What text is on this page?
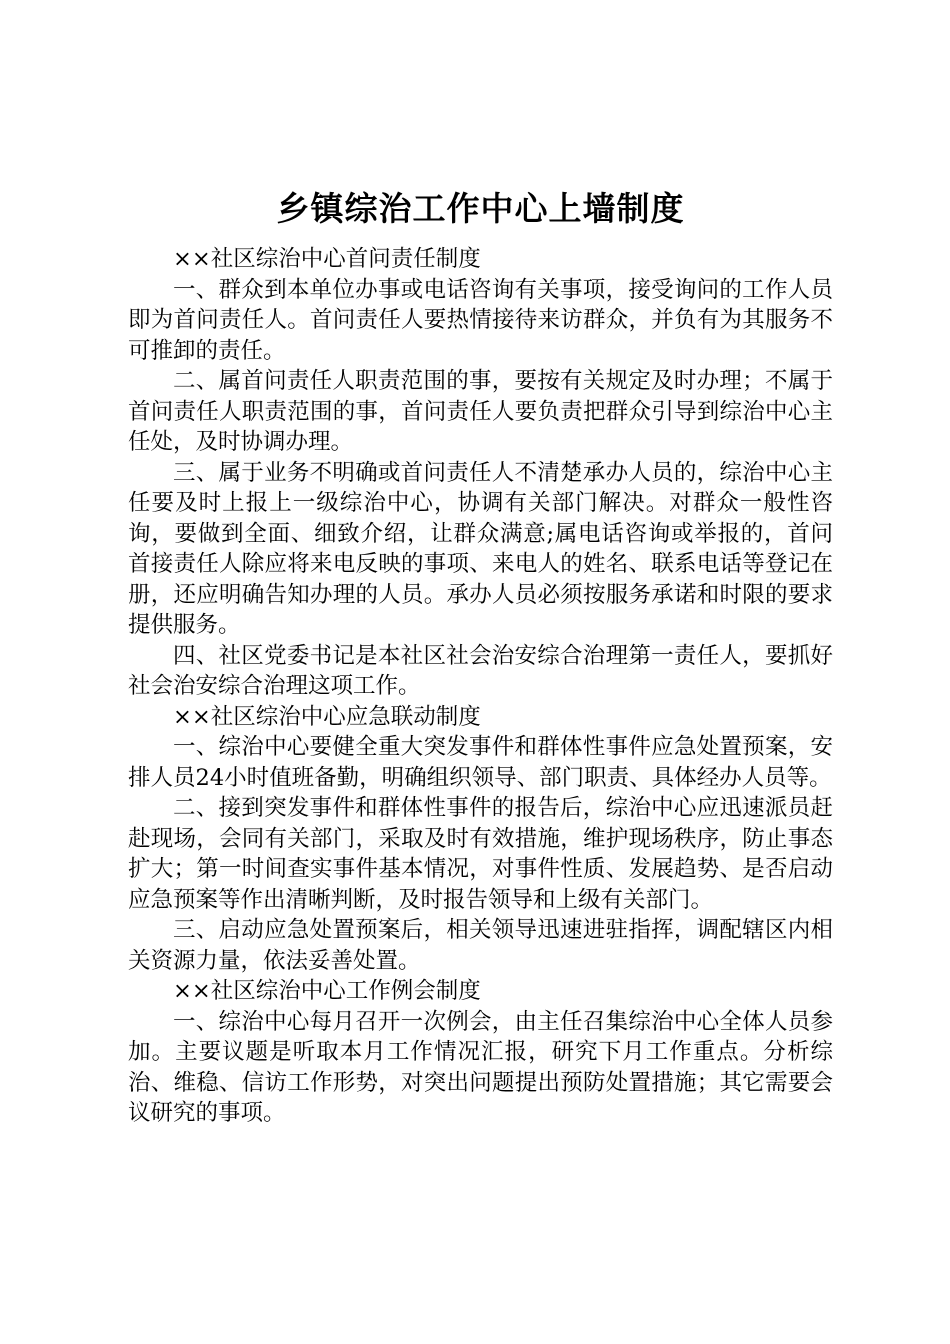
乡镇综治工作中心上墙制度

××社区综治中心首问责任制度

一、群众到本单位办事或电话咨询有关事项，接受询问的工作人员即为首问责任人。首问责任人要热情接待来访群众，并负有为其服务不可推卸的责任。

二、属首问责任人职责范围的事，要按有关规定及时办理；不属于首问责任人职责范围的事，首问责任人要负责把群众引导到综治中心主任处，及时协调办理。

三、属于业务不明确或首问责任人不清楚承办人员的，综治中心主任要及时上报上一级综治中心，协调有关部门解决。对群众一般性咨询，要做到全面、细致介绍，让群众满意;属电话咨询或举报的，首问首接责任人除应将来电反映的事项、来电人的姓名、联系电话等登记在册，还应明确告知办理的人员。承办人员必须按服务承诺和时限的要求提供服务。

四、社区党委书记是本社区社会治安综合治理第一责任人，要抓好社会治安综合治理这项工作。

××社区综治中心应急联动制度

一、综治中心要健全重大突发事件和群体性事件应急处置预案，安排人员24小时值班备勤，明确组织领导、部门职责、具体经办人员等。

二、接到突发事件和群体性事件的报告后，综治中心应迅速派员赶赴现场，会同有关部门，采取及时有效措施，维护现场秩序，防止事态扩大；第一时间查实事件基本情况，对事件性质、发展趋势、是否启动应急预案等作出清晰判断，及时报告领导和上级有关部门。

三、启动应急处置预案后，相关领导迅速进驻指挥，调配辖区内相关资源力量，依法妥善处置。

××社区综治中心工作例会制度

一、综治中心每月召开一次例会，由主任召集综治中心全体人员参加。主要议题是听取本月工作情况汇报，研究下月工作重点。分析综治、维稳、信访工作形势，对突出问题提出预防处置措施；其它需要会议研究的事项。
